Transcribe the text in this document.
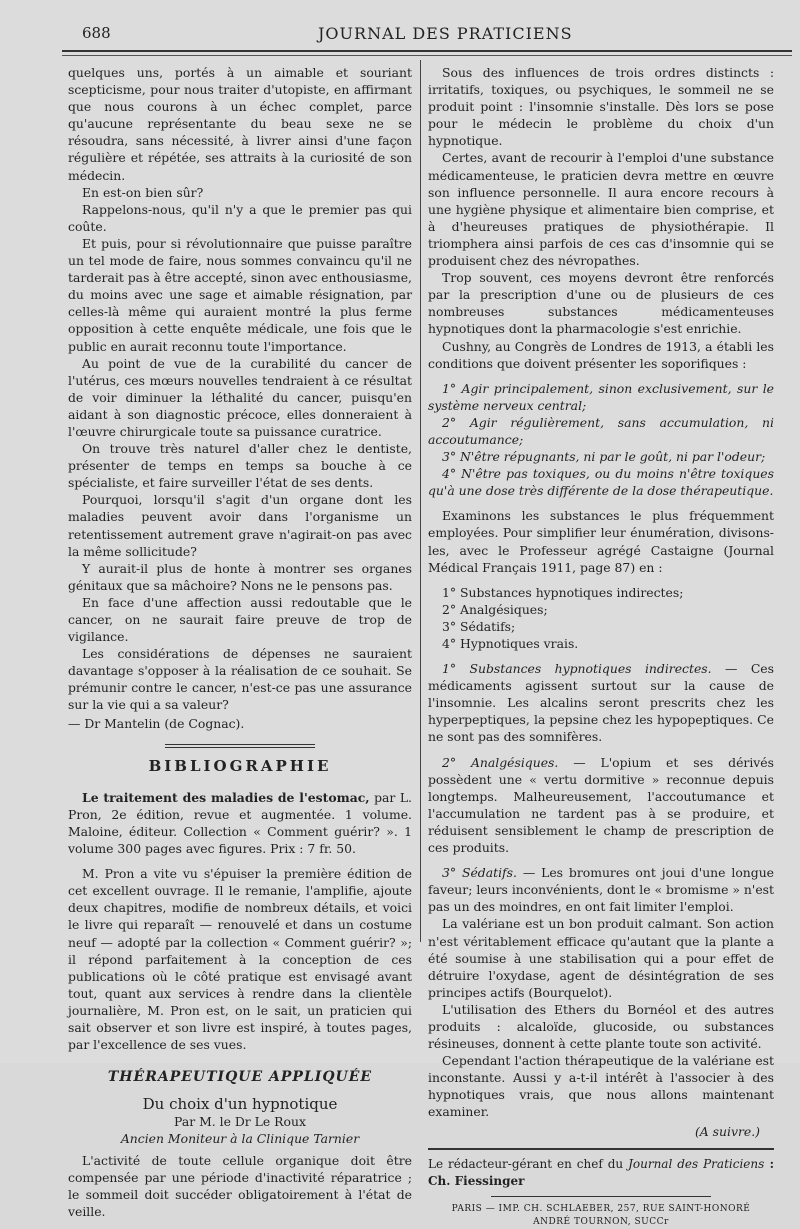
688	JOURNAL DES PRATICIENS

quelques uns, portés à un aimable et souriant scepticisme, pour nous traiter d'utopiste, en affirmant que nous courons à un échec complet, parce qu'aucune représentante du beau sexe ne se résoudra, sans nécessité, à livrer ainsi d'une façon régulière et répétée, ses attraits à la curiosité de son médecin.

En est-on bien sûr?

Rappelons-nous, qu'il n'y a que le premier pas qui coûte.

Et puis, pour si révolutionnaire que puisse paraître un tel mode de faire, nous sommes convaincu qu'il ne tarderait pas à être accepté, sinon avec enthousiasme, du moins avec une sage et aimable résignation, par celles-là même qui auraient montré la plus ferme opposition à cette enquête médicale, une fois que le public en aurait reconnu toute l'importance.

Au point de vue de la curabilité du cancer de l'utérus, ces mœurs nouvelles tendraient à ce résultat de voir diminuer la léthalité du cancer, puisqu'en aidant à son diagnostic précoce, elles donneraient à l'œuvre chirurgicale toute sa puissance curatrice.

On trouve très naturel d'aller chez le dentiste, présenter de temps en temps sa bouche à ce spécialiste, et faire surveiller l'état de ses dents.

Pourquoi, lorsqu'il s'agit d'un organe dont les maladies peuvent avoir dans l'organisme un retentissement autrement grave n'agirait-on pas avec la même sollicitude?

Y aurait-il plus de honte à montrer ses organes génitaux que sa mâchoire? Nons ne le pensons pas.

En face d'une affection aussi redoutable que le cancer, on ne saurait faire preuve de trop de vigilance.

Les considérations de dépenses ne sauraient davantage s'opposer à la réalisation de ce souhait. Se prémunir contre le cancer, n'est-ce pas une assurance sur la vie qui a sa valeur?

— Dr Mantelin (de Cognac).

BIBLIOGRAPHIE

Le traitement des maladies de l'estomac, par L. Pron, 2e édition, revue et augmentée. 1 volume. Maloine, éditeur. Collection « Comment guérir? ». 1 volume 300 pages avec figures. Prix : 7 fr. 50.

M. Pron a vite vu s'épuiser la première édition de cet excellent ouvrage. Il le remanie, l'amplifie, ajoute deux chapitres, modifie de nombreux détails, et voici le livre qui reparaît — renouvelé et dans un costume neuf — adopté par la collection « Comment guérir? »; il répond parfaitement à la conception de ces publications où le côté pratique est envisagé avant tout, quant aux services à rendre dans la clientèle journalière, M. Pron est, on le sait, un praticien qui sait observer et son livre est inspiré, à toutes pages, par l'excellence de ses vues.

THÉRAPEUTIQUE APPLIQUÉE
Du choix d'un hypnotique
Par M. le Dr Le Roux
Ancien Moniteur à la Clinique Tarnier

L'activité de toute cellule organique doit être compensée par une période d'inactivité réparatrice ; le sommeil doit succéder obligatoirement à l'état de veille.

Sous des influences de trois ordres distincts : irritatifs, toxiques, ou psychiques, le sommeil ne se produit point : l'insomnie s'installe. Dès lors se pose pour le médecin le problème du choix d'un hypnotique.

Certes, avant de recourir à l'emploi d'une substance médicamenteuse, le praticien devra mettre en œuvre son influence personnelle. Il aura encore recours à une hygiène physique et alimentaire bien comprise, et à d'heureuses pratiques de physiothérapie. Il triomphera ainsi parfois de ces cas d'insomnie qui se produisent chez des névropathes.

Trop souvent, ces moyens devront être renforcés par la prescription d'une ou de plusieurs de ces nombreuses substances médicamenteuses hypnotiques dont la pharmacologie s'est enrichie.

Cushny, au Congrès de Londres de 1913, a établi les conditions que doivent présenter les soporifiques :

1° Agir principalement, sinon exclusivement, sur le système nerveux central;

2° Agir régulièrement, sans accumulation, ni accoutumance;

3° N'être répugnants, ni par le goût, ni par l'odeur;

4° N'être pas toxiques, ou du moins n'être toxiques qu'à une dose très différente de la dose thérapeutique.

Examinons les substances le plus fréquemment employées. Pour simplifier leur énumération, divisons-les, avec le Professeur agrégé Castaigne (Journal Médical Français 1911, page 87) en :

1° Substances hypnotiques indirectes;

2° Analgésiques;

3° Sédatifs;

4° Hypnotiques vrais.

1° Substances hypnotiques indirectes. — Ces médicaments agissent surtout sur la cause de l'insomnie. Les alcalins seront prescrits chez les hyperpeptiques, la pepsine chez les hypopeptiques. Ce ne sont pas des somnifères.

2° Analgésiques. — L'opium et ses dérivés possèdent une « vertu dormitive » reconnue depuis longtemps. Malheureusement, l'accoutumance et l'accumulation ne tardent pas à se produire, et réduisent sensiblement le champ de prescription de ces produits.

3° Sédatifs. — Les bromures ont joui d'une longue faveur; leurs inconvénients, dont le « bromisme » n'est pas un des moindres, en ont fait limiter l'emploi.

La valériane est un bon produit calmant. Son action n'est véritablement efficace qu'autant que la plante a été soumise à une stabilisation qui a pour effet de détruire l'oxydase, agent de désintégration de ses principes actifs (Bourquelot).

L'utilisation des Ethers du Bornéol et des autres produits : alcaloïde, glucoside, ou substances résineuses, donnent à cette plante toute son activité.

Cependant l'action thérapeutique de la valériane est inconstante. Aussi y a-t-il intérêt à l'associer à des hypnotiques vrais, que nous allons maintenant examiner.

(A suivre.)

Le rédacteur-gérant en chef du Journal des Praticiens : Ch. Fiessinger

PARIS — IMP. CH. SCHLAEBER, 257, RUE SAINT-HONORÉ
ANDRÉ TOURNON, SUCCr
